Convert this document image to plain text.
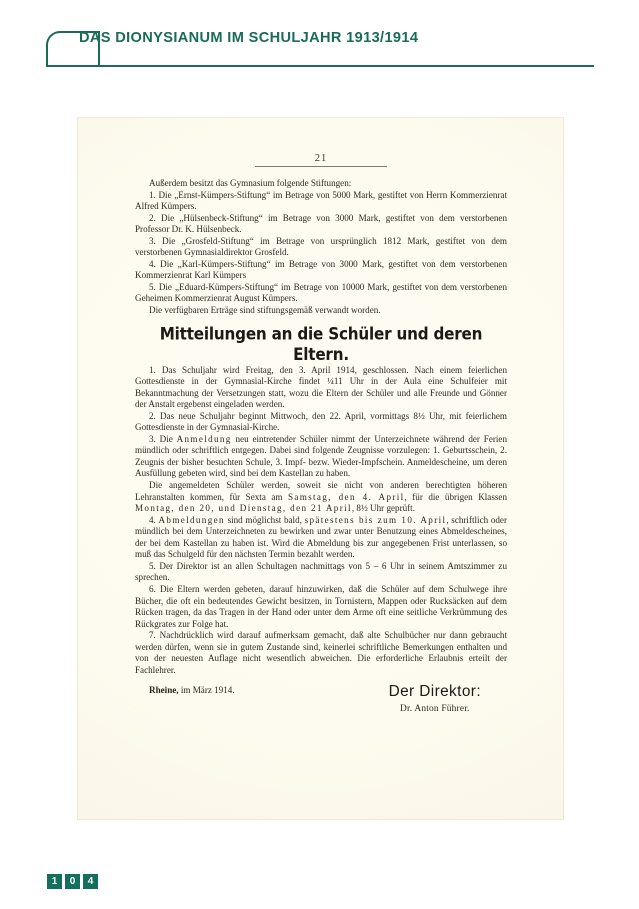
DAS DIONYSIANUM IM SCHULJAHR 1913/1914
21

Außerdem besitzt das Gymnasium folgende Stiftungen:

1. Die „Ernst-Kümpers-Stiftung“ im Betrage von 5000 Mark, gestiftet von Herrn Kommerzienrat Alfred Kümpers.

2. Die „Hülsenbeck-Stiftung“ im Betrage von 3000 Mark, gestiftet von dem verstorbenen Professor Dr. K. Hülsenbeck.

3. Die „Grosfeld-Stiftung“ im Betrage von ursprünglich 1812 Mark, gestiftet von dem verstorbenen Gymnasialdirektor Grosfeld.

4. Die „Karl-Kümpers-Stiftung“ im Betrage von 3000 Mark, gestiftet von dem verstorbenen Kommerzienrat Karl Kümpers

5. Die „Eduard-Kümpers-Stiftung“ im Betrage von 10000 Mark, gestiftet von dem verstorbenen Geheimen Kommerzienrat August Kümpers.

Die verfügbaren Erträge sind stiftungsgemäß verwandt worden.

Mitteilungen an die Schüler und deren Eltern.

1. Das Schuljahr wird Freitag, den 3. April 1914, geschlossen. Nach einem feierlichen Gottesdienste in der Gymnasial-Kirche findet ¼11 Uhr in der Aula eine Schulfeier mit Bekanntmachung der Versetzungen statt, wozu die Eltern der Schüler und alle Freunde und Gönner der Anstalt ergebenst eingeladen werden.

2. Das neue Schuljahr beginnt Mittwoch, den 22. April, vormittags 8½ Uhr, mit feierlichem Gottesdienste in der Gymnasial-Kirche.

3. Die Anmeldung neu eintretender Schüler nimmt der Unterzeichnete während der Ferien mündlich oder schriftlich entgegen. Dabei sind folgende Zeugnisse vorzulegen: 1. Geburtsschein, 2. Zeugnis der bisher besuchten Schule, 3. Impf- bezw. Wieder-Impfschein. Anmeldescheine, um deren Ausfüllung gebeten wird, sind bei dem Kastellan zu haben.

Die angemeldeten Schüler werden, soweit sie nicht von anderen berechtigten höheren Lehranstalten kommen, für Sexta am Samstag, den 4. April, für die übrigen Klassen Montag, den 20, und Dienstag, den 21 April, 8½ Uhr geprüft.

4. Abmeldungen sind möglichst bald, spätestens bis zum 10. April, schriftlich oder mündlich bei dem Unterzeichneten zu bewirken und zwar unter Benutzung eines Abmeldescheines, der bei dem Kastellan zu haben ist. Wird die Abmeldung bis zur angegebenen Frist unterlassen, so muß das Schulgeld für den nächsten Termin bezahlt werden.

5. Der Direktor ist an allen Schultagen nachmittags von 5 – 6 Uhr in seinem Amtszimmer zu sprechen.

6. Die Eltern werden gebeten, darauf hinzuwirken, daß die Schüler auf dem Schulwege ihre Bücher, die oft ein bedeutendes Gewicht besitzen, in Tornistern, Mappen oder Rucksäcken auf dem Rücken tragen, da das Tragen in der Hand oder unter dem Arme oft eine seitliche Verkrümmung des Rückgrates zur Folge hat.

7. Nachdrücklich wird darauf aufmerksam gemacht, daß alte Schulbücher nur dann gebraucht werden dürfen, wenn sie in gutem Zustande sind, keinerlei schriftliche Bemerkungen enthalten und von der neuesten Auflage nicht wesentlich abweichen. Die erforderliche Erlaubnis erteilt der Fachlehrer.

Rheine, im März 1914.	Der Direktor:
Dr. Anton Führer.
1	0	4
